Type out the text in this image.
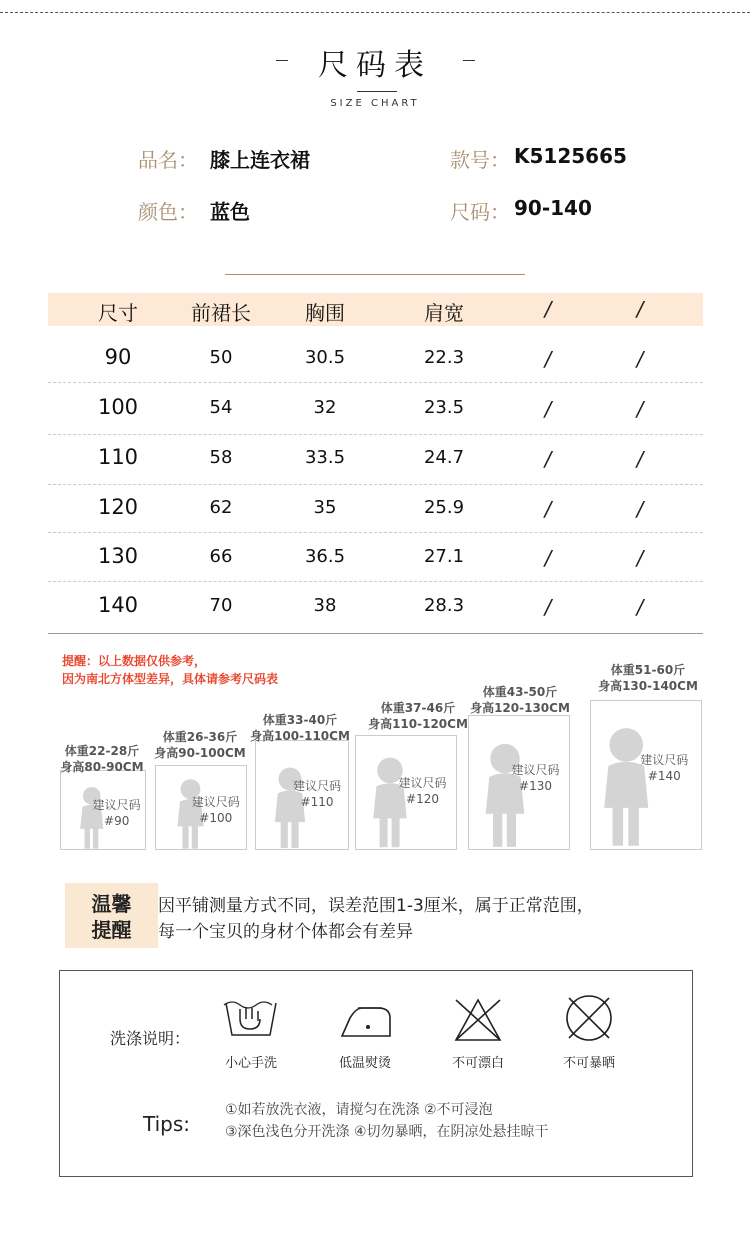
尺码表
SIZE CHART
品名： 膝上连衣裙	款号： K5125665
颜色： 蓝色	尺码： 90-140
尺寸	前裙长	胸围	肩宽	/	/
90	50	30.5	22.3	/	/
100	54	32	23.5	/	/
110	58	33.5	24.7	/	/
120	62	35	25.9	/	/
130	66	36.5	27.1	/	/
140	70	38	28.3	/	/
提醒：以上数据仅供参考，
因为南北方体型差异，具体请参考尺码表
体重22-28斤
身高80-90CM
建议尺码
#90
体重26-36斤
身高90-100CM
建议尺码
#100
体重33-40斤
身高100-110CM
建议尺码
#110
体重37-46斤
身高110-120CM
建议尺码
#120
体重43-50斤
身高120-130CM
建议尺码
#130
体重51-60斤
身高130-140CM
建议尺码
#140
温馨
提醒
因平铺测量方式不同，误差范围1-3厘米，属于正常范围，
每一个宝贝的身材个体都会有差异
洗涤说明：
小心手洗	低温熨烫	不可漂白	不可暴晒
Tips:
①如若放洗衣液，请搅匀在洗涤 ②不可浸泡
③深色浅色分开洗涤 ④切勿暴晒，在阴凉处悬挂晾干
